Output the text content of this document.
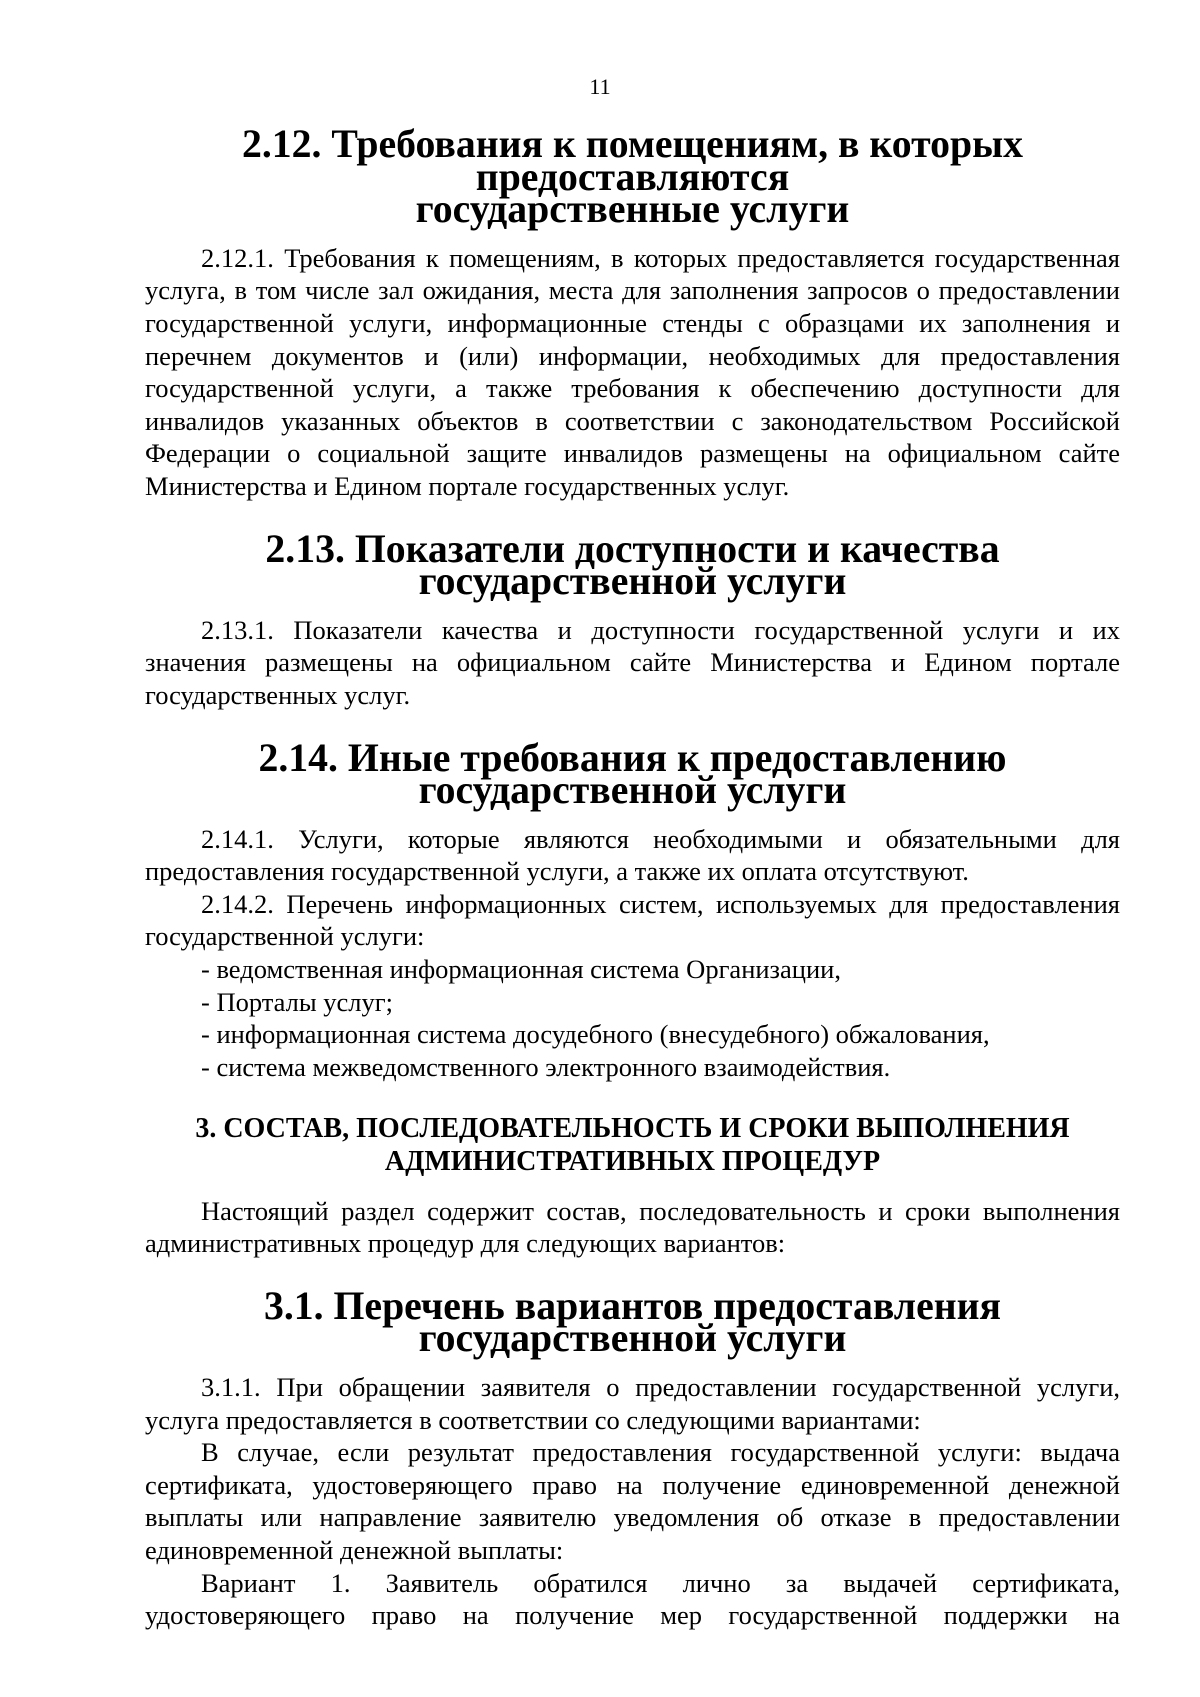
11
2.12. Требования к помещениям, в которых предоставляются
государственные услуги

2.12.1. Требования к помещениям, в которых предоставляется государственная услуга, в том числе зал ожидания, места для заполнения запросов о предоставлении государственной услуги, информационные стенды с образцами их заполнения и перечнем документов и (или) информации, необходимых для предоставления государственной услуги, а также требования к обеспечению доступности для инвалидов указанных объектов в соответствии с законодательством Российской Федерации о социальной защите инвалидов размещены на официальном сайте Министерства и Едином портале государственных услуг.

2.13. Показатели доступности и качества государственной услуги

2.13.1. Показатели качества и доступности государственной услуги и их значения размещены на официальном сайте Министерства и Едином портале государственных услуг.

2.14. Иные требования к предоставлению государственной услуги

2.14.1. Услуги, которые являются необходимыми и обязательными для предоставления государственной услуги, а также их оплата отсутствуют.

2.14.2. Перечень информационных систем, используемых для предоставления государственной услуги:

- ведомственная информационная система Организации,

- Порталы услуг;

- информационная система досудебного (внесудебного) обжалования,

- система межведомственного электронного взаимодействия.

3. СОСТАВ, ПОСЛЕДОВАТЕЛЬНОСТЬ И СРОКИ ВЫПОЛНЕНИЯ
АДМИНИСТРАТИВНЫХ ПРОЦЕДУР

Настоящий раздел содержит состав, последовательность и сроки выполнения административных процедур для следующих вариантов:

3.1. Перечень вариантов предоставления государственной услуги

3.1.1. При обращении заявителя о предоставлении государственной услуги, услуга предоставляется в соответствии со следующими вариантами:

В случае, если результат предоставления государственной услуги: выдача сертификата, удостоверяющего право на получение единовременной денежной выплаты или направление заявителю уведомления об отказе в предоставлении единовременной денежной выплаты:

Вариант 1. Заявитель обратился лично за выдачей сертификата, удостоверяющего право на получение мер государственной поддержки на
